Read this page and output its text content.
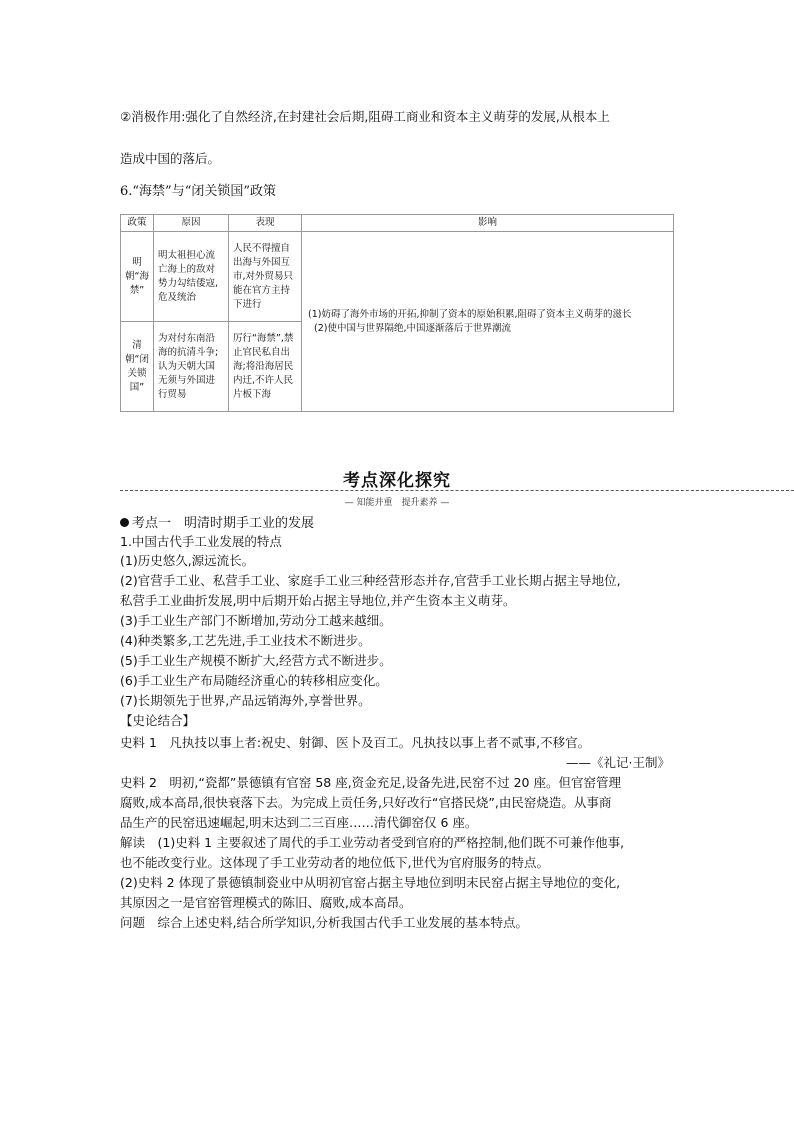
②消极作用:强化了自然经济,在封建社会后期,阻碍工商业和资本主义萌芽的发展,从根本上
造成中国的落后。
6.“海禁”与“闭关锁国”政策
政策	原因	表现	影响
明朝“海禁”	明太祖担心流亡海上的敌对势力勾结倭寇,危及统治	人民不得擅自出海与外国互市,对外贸易只能在官方主持下进行	(1)妨碍了海外市场的开拓,抑制了资本的原始积累,阻碍了资本主义萌芽的滋长
(2)使中国与世界隔绝,中国逐渐落后于世界潮流

清朝“闭关锁国”	为对付东南沿海的抗清斗争;认为天朝大国无须与外国进行贸易	厉行“海禁”,禁止官民私自出海;将沿海居民内迁,不许人民片板下海	
考点深化探究
— 知能并重　提升素养 —
考点一　明清时期手工业的发展
1.中国古代手工业发展的特点
(1)历史悠久,源远流长。
(2)官营手工业、私营手工业、家庭手工业三种经营形态并存,官营手工业长期占据主导地位,
私营手工业曲折发展,明中后期开始占据主导地位,并产生资本主义萌芽。
(3)手工业生产部门不断增加,劳动分工越来越细。
(4)种类繁多,工艺先进,手工业技术不断进步。
(5)手工业生产规模不断扩大,经营方式不断进步。
(6)手工业生产布局随经济重心的转移相应变化。
(7)长期领先于世界,产品远销海外,享誉世界。
【史论结合】
史料 1　凡执技以事上者:祝史、射御、医卜及百工。凡执技以事上者不贰事,不移官。
——《礼记·王制》
史料 2　明初,“瓷都”景德镇有官窑 58 座,资金充足,设备先进,民窑不过 20 座。但官窑管理
腐败,成本高昂,很快衰落下去。为完成上贡任务,只好改行“官搭民烧”,由民窑烧造。从事商
品生产的民窑迅速崛起,明末达到二三百座……清代御窑仅 6 座。
解读　(1)史料 1 主要叙述了周代的手工业劳动者受到官府的严格控制,他们既不可兼作他事,
也不能改变行业。这体现了手工业劳动者的地位低下,世代为官府服务的特点。
(2)史料 2 体现了景德镇制瓷业中从明初官窑占据主导地位到明末民窑占据主导地位的变化,
其原因之一是官窑管理模式的陈旧、腐败,成本高昂。
问题　综合上述史料,结合所学知识,分析我国古代手工业发展的基本特点。
